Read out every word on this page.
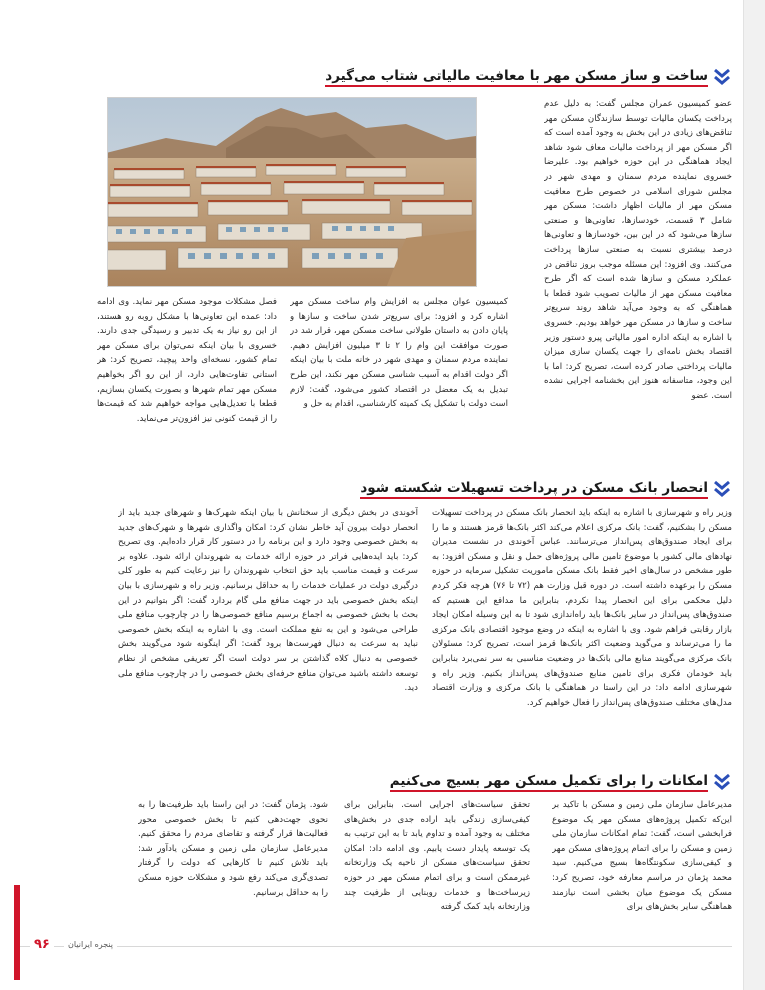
ساخت و ساز مسکن مهر با معافیت مالیاتی شتاب می‌گیرد

عضو کمیسیون عمران مجلس گفت: به دلیل عدم پرداخت یکسان مالیات توسط سازندگان مسکن مهر تناقض‌های زیادی در این بخش به وجود آمده است که اگر مسکن مهر از پرداخت مالیات معاف شود شاهد ایجاد هماهنگی در این حوزه خواهیم بود. علیرضا خسروی نماینده مردم سمنان و مهدی شهر در مجلس شورای اسلامی در خصوص طرح معافیت مسکن مهر از مالیات اظهار داشت: مسکن مهر شامل ۳ قسمت، خودسازها، تعاونی‌ها و صنعتی سازها می‌شود که در این بین، خودسازها و تعاونی‌ها درصد بیشتری نسبت به صنعتی سازها پرداخت می‌کنند. وی افزود: این مسئله موجب بروز تناقض در عملکرد مسکن و سازها شده است که اگر طرح معافیت مسکن مهر از مالیات تصویب شود قطعا با هماهنگی که به وجود می‌آید شاهد روند سریع‌تر ساخت و سازها در مسکن مهر خواهد بودیم. خسروی با اشاره به اینکه اداره امور مالیاتی پیرو دستور وزیر اقتصاد بخش نامه‌ای را جهت یکسان سازی میزان مالیات پرداختی صادر کرده است، تصریح کرد: اما با این وجود، متاسفانه هنوز این بخشنامه اجرایی نشده است. عضو

کمیسیون عوان مجلس به افزایش وام ساخت مسکن مهر اشاره کرد و افزود: برای سریع‌تر شدن ساخت و سازها و پایان دادن به داستان طولانی ساخت مسکن مهر، قرار شد در صورت موافقت این وام را ۲ تا ۳ میلیون افزایش دهیم. نماینده مردم سمنان و مهدی شهر در خانه ملت با بیان اینکه اگر دولت اقدام به آسیب شناسی مسکن مهر نکند، این طرح تبدیل به یک معضل در اقتصاد کشور می‌شود، گفت: لازم است دولت با تشکیل یک کمیته کارشناسی، اقدام به حل و

فصل مشکلات موجود مسکن مهر نماید. وی ادامه داد: عمده این تعاونی‌ها با مشکل روبه رو هستند، از این رو نیاز به یک تدبیر و رسیدگی جدی دارند. خسروی با بیان اینکه نمی‌توان برای مسکن مهر تمام کشور، نسخه‌ای واحد پیچید، تصریح کرد: هر استانی تفاوت‌هایی دارد، از این رو اگر بخواهیم مسکن مهر تمام شهرها و بصورت یکسان بسازیم، قطعا با تعدیل‌هایی مواجه خواهیم شد که قیمت‌ها را از قیمت کنونی نیز افزون‌تر می‌نماید.

انحصار بانک مسکن در پرداخت تسهیلات شکسته شود

وزیر راه و شهرسازی با اشاره به اینکه باید انحصار بانک مسکن در پرداخت تسهیلات مسکن را بشکنیم، گفت: بانک مرکزی اعلام می‌کند اکثر بانک‌ها قرمز هستند و ما را برای ایجاد صندوق‌های پس‌انداز می‌ترسانند. عباس آخوندی در نشست مدیران نهادهای مالی کشور با موضوع تامین مالی پروژه‌های حمل و نقل و مسکن افزود: به طور مشخص در سال‌های اخیر فقط بانک مسکن ماموریت تشکیل سرمایه در حوزه مسکن را برعهده داشته است. در دوره قبل وزارت هم (۷۲ تا ۷۶) هرچه فکر کردم دلیل محکمی برای این انحصار پیدا نکردم، بنابراین ما مدافع این هستیم که صندوق‌های پس‌انداز در سایر بانک‌ها باید راه‌اندازی شود تا به این وسیله امکان ایجاد بازار رقابتی فراهم شود. وی با اشاره به اینکه در وضع موجود اقتصادی بانک مرکزی ما را می‌ترساند و می‌گوید وضعیت اکثر بانک‌ها قرمز است، تصریح کرد: مسئولان بانک مرکزی می‌گویند منابع مالی بانک‌ها در وضعیت مناسبی به سر نمی‌برد بنابراین باید خودمان فکری برای تامین منابع صندوق‌های پس‌انداز بکنیم. وزیر راه و شهرسازی ادامه داد: در این راستا در هماهنگی با بانک مرکزی و وزارت اقتصاد مدل‌های مختلف صندوق‌های پس‌انداز را فعال خواهیم کرد.

آخوندی در بخش دیگری از سخنانش با بیان اینکه شهرک‌ها و شهرهای جدید باید از انحصار دولت بیرون آید خاطر نشان کرد: امکان واگذاری شهرها و شهرک‌های جدید به بخش خصوصی وجود دارد و این برنامه را در دستور کار قرار داده‌ایم. وی تصریح کرد: باید ایده‌هایی فراتر در حوزه ارائه خدمات به شهروندان ارائه شود. علاوه بر سرعت و قیمت مناسب باید حق انتخاب شهروندان را نیز رعایت کنیم به طور کلی درگیری دولت در عملیات خدمات را به حداقل برسانیم. وزیر راه و شهرسازی با بیان اینکه بخش خصوصی باید در جهت منافع ملی گام بردارد گفت: اگر بتوانیم در این بحث با بخش خصوصی به اجماع برسیم منافع خصوصی‌ها را در چارچوب منافع ملی طراحی می‌شود و این به نفع مملکت است. وی با اشاره به اینکه بخش خصوصی نباید به سرعت به دنبال فهرست‌ها برود گفت: اگر اینگونه شود می‌گویند بخش خصوصی به دنبال کلاه گذاشتن بر سر دولت است اگر تعریفی مشخص از نظام توسعه داشته باشید می‌توان منافع حرفه‌ای بخش خصوصی را در چارچوب منافع ملی دید.

امکانات را برای تکمیل مسکن مهر بسیج می‌کنیم

مدیرعامل سازمان ملی زمین و مسکن با تاکید بر این‌که تکمیل پروژه‌های مسکن مهر یک موضوع فرابخشی است، گفت: تمام امکانات سازمان ملی زمین و مسکن را برای اتمام پروژه‌های مسکن مهر و کیفی‌سازی سکونتگاه‌ها بسیج می‌کنیم. سید محمد پژمان در مراسم معارفه خود، تصریح کرد: مسکن یک موضوع میان بخشی است نیازمند هماهنگی سایر بخش‌های برای

تحقق سیاست‌های اجرایی است. بنابراین برای کیفی‌سازی زندگی باید اراده جدی در بخش‌های مختلف به وجود آمده و تداوم یابد تا به این ترتیب به یک توسعه پایدار دست یابیم. وی ادامه داد: امکان تحقق سیاست‌های مسکن از ناحیه یک وزارتخانه غیرممکن است و برای اتمام مسکن مهر در حوزه زیرساخت‌ها و خدمات روبنایی از ظرفیت چند وزارتخانه باید کمک گرفته

شود. پژمان گفت: در این راستا باید ظرفیت‌ها را به نحوی جهت‌دهی کنیم تا بخش خصوصی محور فعالیت‌ها قرار گرفته و تقاضای مردم را محقق کنیم. مدیرعامل سازمان ملی زمین و مسکن یادآور شد: باید تلاش کنیم تا کارهایی که دولت را گرفتار تصدی‌گری می‌کند رفع شود و مشکلات حوزه مسکن را به حداقل برسانیم.

۹۶	پنجره ایرانیان
